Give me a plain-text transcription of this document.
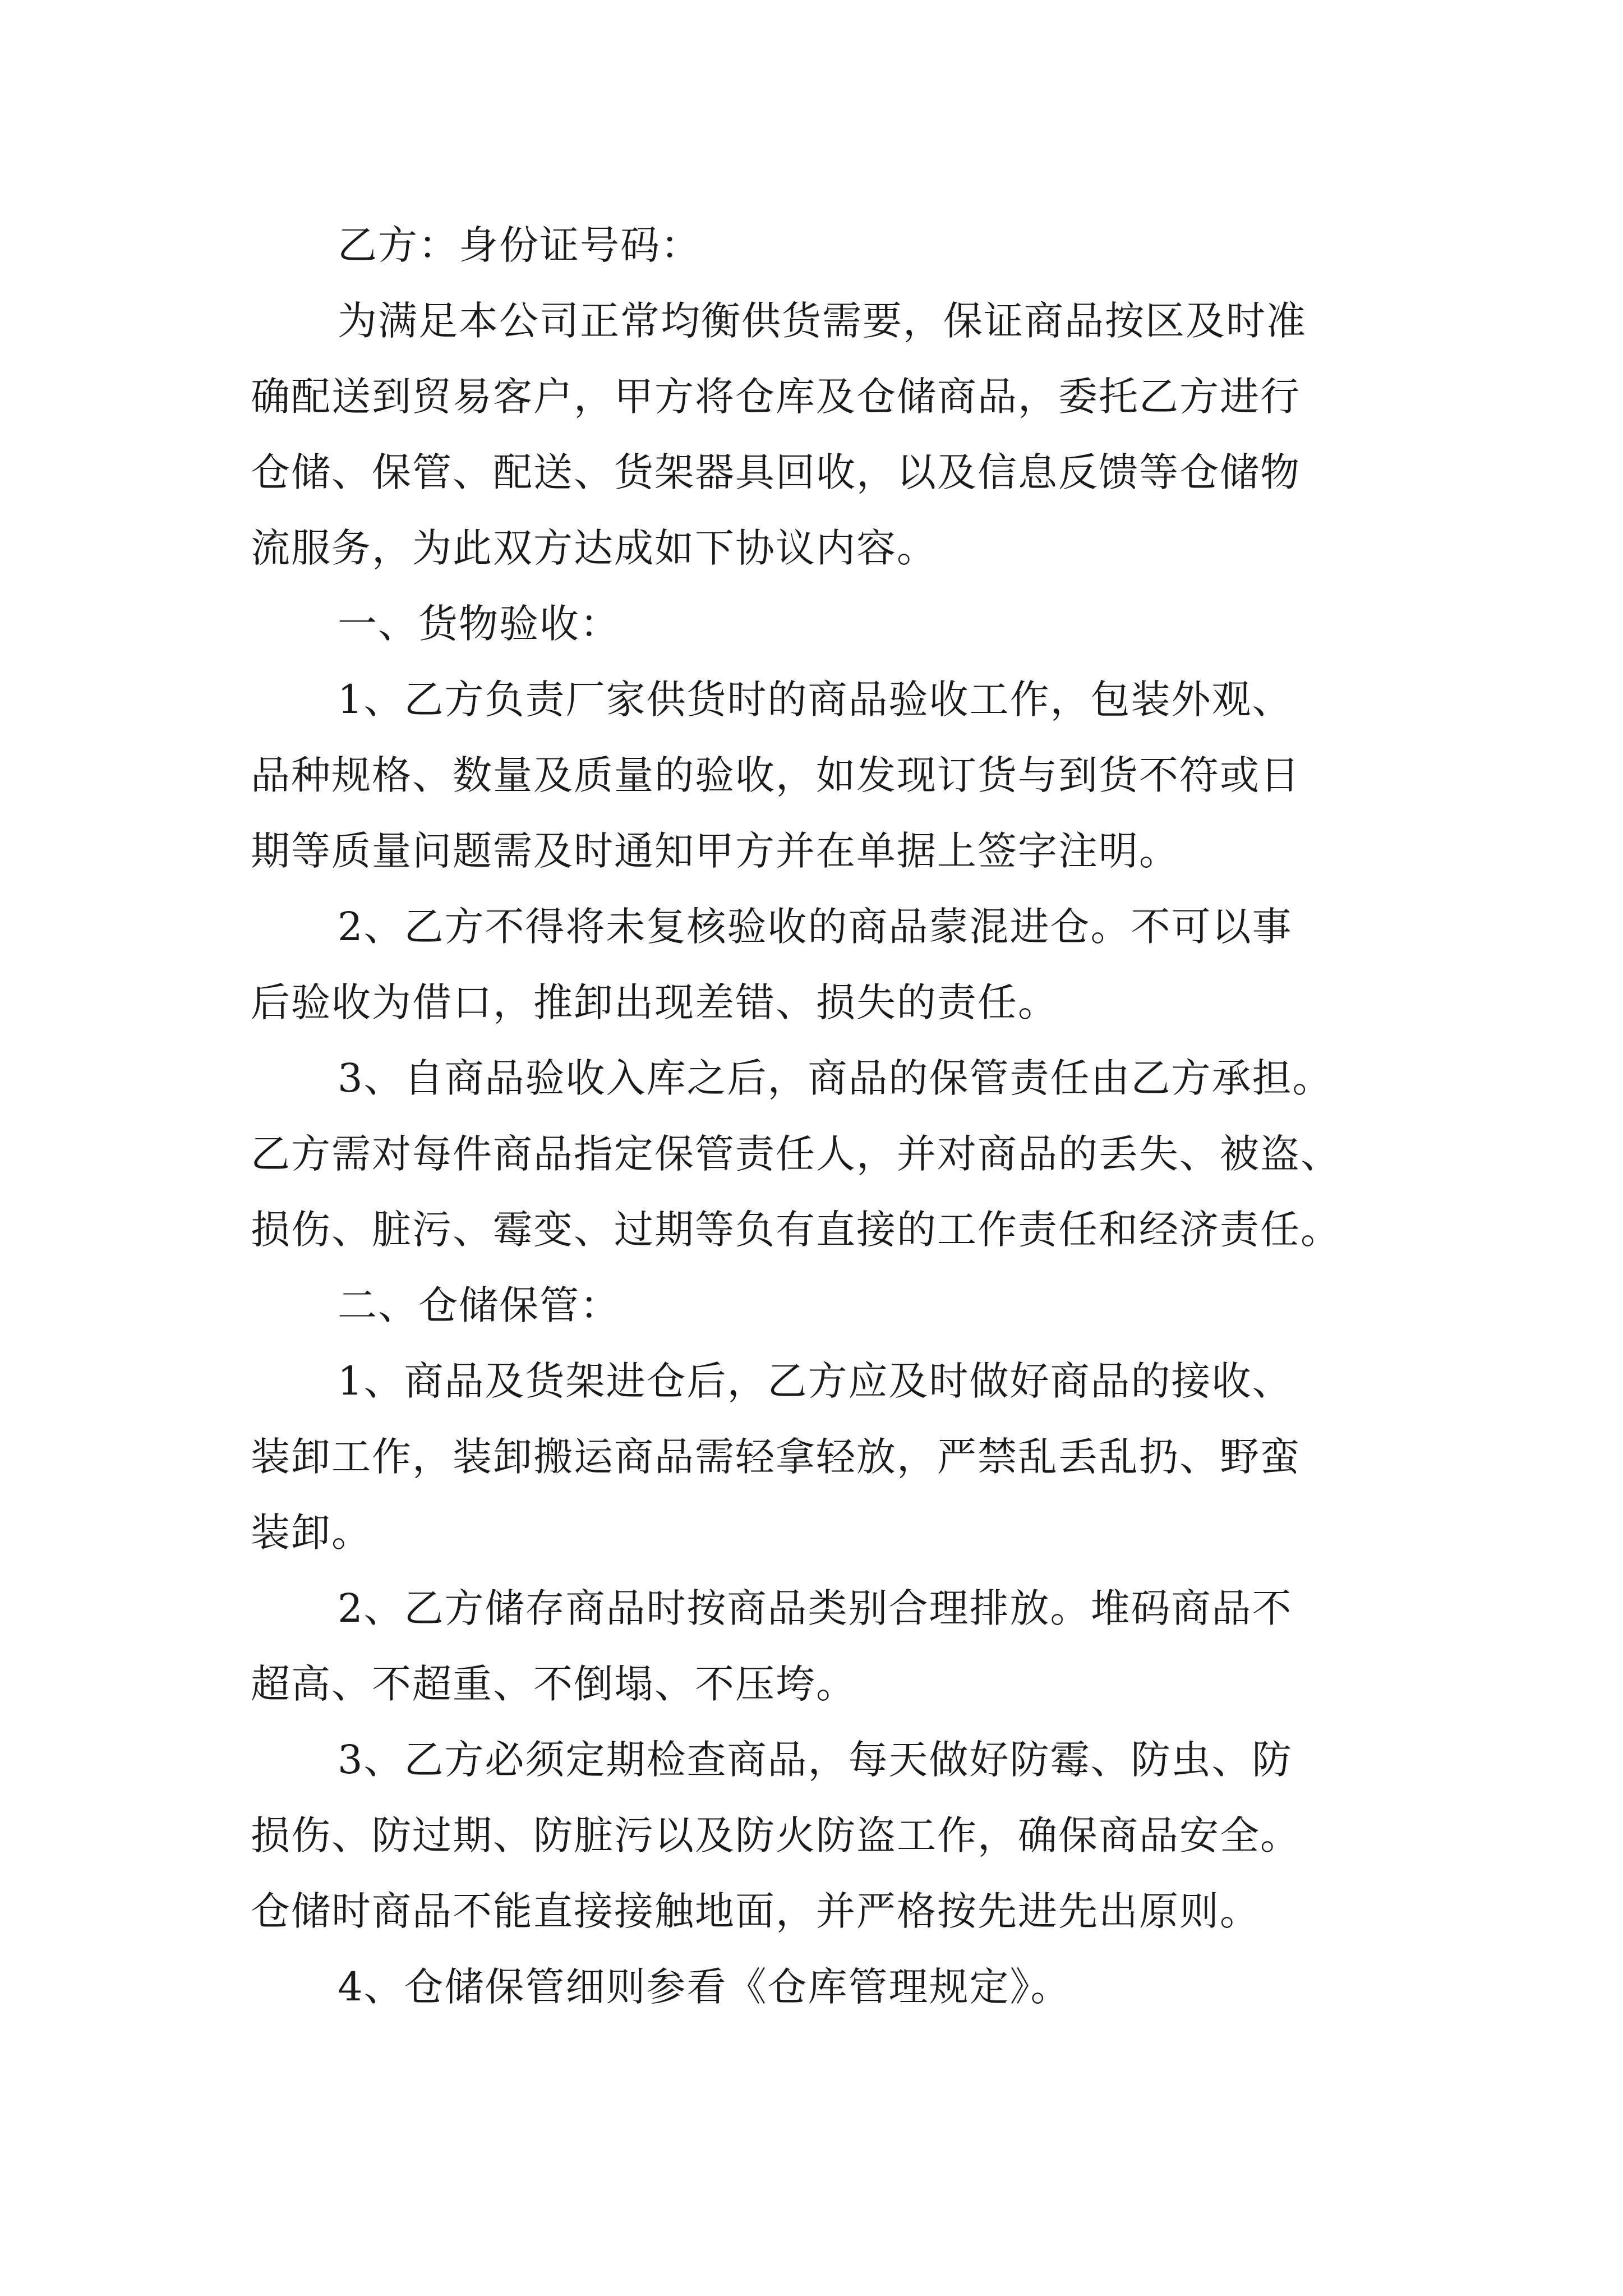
乙方：身份证号码：

为满足本公司正常均衡供货需要，保证商品按区及时准

确配送到贸易客户，甲方将仓库及仓储商品，委托乙方进行

仓储、保管、配送、货架器具回收，以及信息反馈等仓储物

流服务，为此双方达成如下协议内容。

一、货物验收：

1、乙方负责厂家供货时的商品验收工作，包装外观、

品种规格、数量及质量的验收，如发现订货与到货不符或日

期等质量问题需及时通知甲方并在单据上签字注明。

2、乙方不得将未复核验收的商品蒙混进仓。不可以事

后验收为借口，推卸出现差错、损失的责任。

3、自商品验收入库之后，商品的保管责任由乙方承担。

乙方需对每件商品指定保管责任人，并对商品的丢失、被盗、

损伤、脏污、霉变、过期等负有直接的工作责任和经济责任。

二、仓储保管：

1、商品及货架进仓后，乙方应及时做好商品的接收、

装卸工作，装卸搬运商品需轻拿轻放，严禁乱丢乱扔、野蛮

装卸。

2、乙方储存商品时按商品类别合理排放。堆码商品不

超高、不超重、不倒塌、不压垮。

3、乙方必须定期检查商品，每天做好防霉、防虫、防

损伤、防过期、防脏污以及防火防盗工作，确保商品安全。

仓储时商品不能直接接触地面，并严格按先进先出原则。

4、仓储保管细则参看《仓库管理规定》。
